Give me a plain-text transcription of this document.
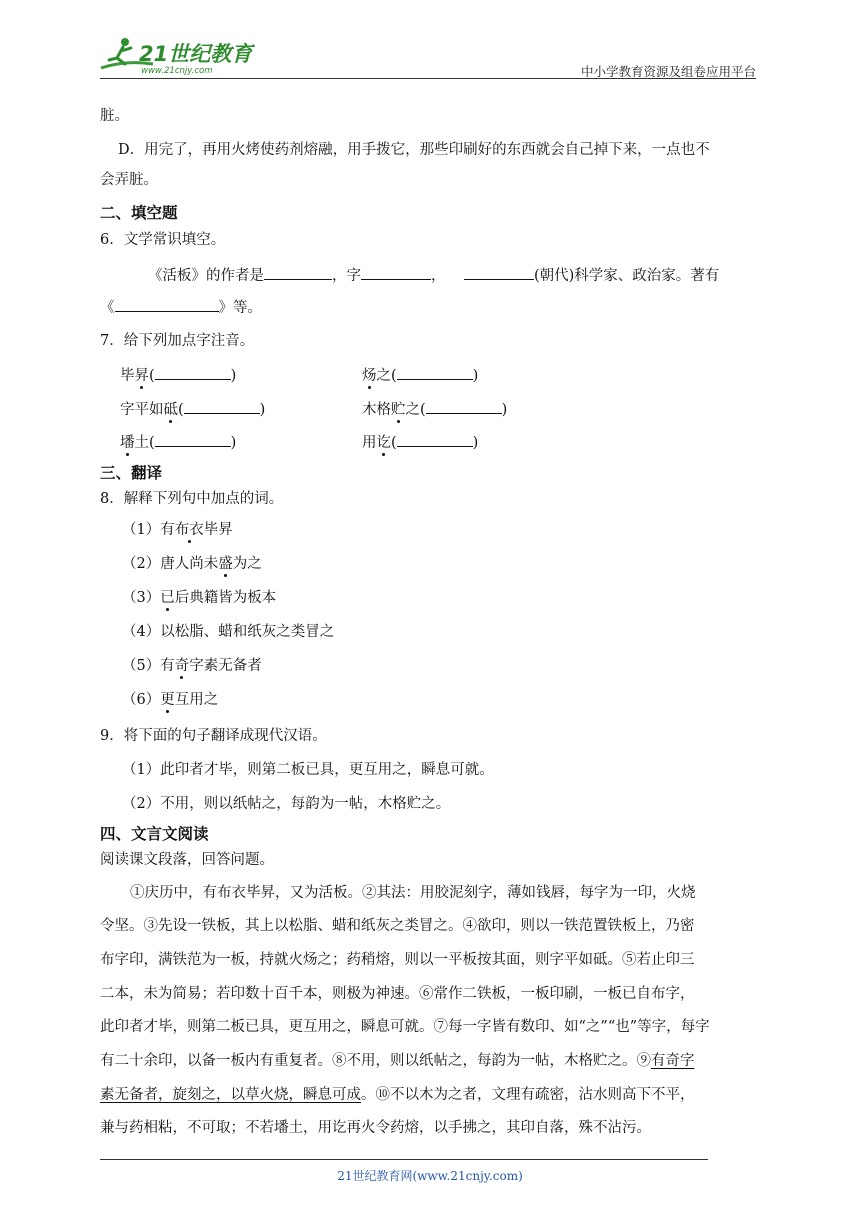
21世纪教育
www.21cnjy.com	中小学教育资源及组卷应用平台
脏。
D．用完了，再用火烤使药剂熔融，用手拨它，那些印刷好的东西就会自己掉下来，一点也不
会弄脏。
二、填空题
6．文学常识填空。
《活板》的作者是	，字	，	(朝代)科学家、政治家。著有
《	》等。
7．给下列加点字注音。
毕昇(	)	炀之(	)
字平如砥(	)	木格贮之(	)
墦土(	)	用讫(	)
三、翻译
8．解释下列句中加点的词。
（1）有布衣毕昇
（2）唐人尚未盛为之
（3）已后典籍皆为板本
（4）以松脂、蜡和纸灰之类冒之
（5）有奇字素无备者
（6）更互用之
9．将下面的句子翻译成现代汉语。
（1）此印者才毕，则第二板已具，更互用之，瞬息可就。
（2）不用，则以纸帖之，每韵为一帖，木格贮之。
四、文言文阅读
阅读课文段落，回答问题。
①庆历中，有布衣毕昇，又为活板。②其法：用胶泥刻字，薄如钱唇，每字为一印，火烧
令坚。③先设一铁板，其上以松脂、蜡和纸灰之类冒之。④欲印，则以一铁范置铁板上，乃密
布字印，满铁范为一板，持就火炀之；药稍熔，则以一平板按其面，则字平如砥。⑤若止印三
二本，未为简易；若印数十百千本，则极为神速。⑥常作二铁板，一板印刷，一板已自布字，
此印者才毕，则第二板已具，更互用之，瞬息可就。⑦每一字皆有数印、如“之”“也”等字，每字
有二十余印，以备一板内有重复者。⑧不用，则以纸帖之，每韵为一帖，木格贮之。⑨有奇字
素无备者，旋刻之，以草火烧，瞬息可成。⑩不以木为之者，文理有疏密，沾水则高下不平，
兼与药相粘，不可取；不若墦土，用讫再火令药熔，以手拂之，其印自落，殊不沾污。
21世纪教育网(www.21cnjy.com)
